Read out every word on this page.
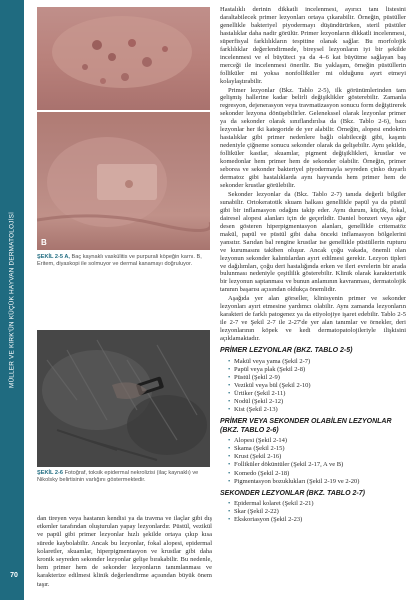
MÜLLER VE KIRK'ÜN KÜÇÜK HAYVAN DERMATOLOJİSİ
70
B
ŞEKİL 2-5 A, Baç kaynaklı vaskülitis ve purpurali köpeğin karnı. B, Eritem, diyaskopi ile solmuyor ve dermal kanamayı doğruluyor.
ŞEKİL 2-6 Fotoğraf, toksik epidermal nekrolizisi (ilaç kaynaklı) ve Nikolsky belirtisinin varlığını göstermektedir.
dan tireyen veya hastanın kendisi ya da travma ve ilaçlar gibi dış etkenler tarafından oluşturulan yapay lezyonlardır. Püstül, vezikül ve papül gibi primer lezyonlar hızlı şekilde ortaya çıkıp kısa sürede kaybolabilir. Ancak bu lezyonlar, fokal alopesi, epidermal kolaretler, skuamlar, hiperpigmentasyon ve krustlar gibi daha kronik seyreden sekonder lezyonlar gelişe bırakabilir. Bu nedenle, hem primer hem de sekonder lezyonların tanımlanması ve karakterize edilmesi klinik değerlendirme açısından büyük önem taşır.

Hastalıklı derinin dikkatli incelenmesi, ayırıcı tanı listesini daraltabilecek primer lezyonları ortaya çıkarabilir. Örneğin, püstüller genellikle bakteriyel piyodermayı düşündürürken, steril püstüler hastalıklar daha nadir görülür. Primer lezyonların dikkatli incelenmesi, süperfisyal farklılıkların tespitine olanak sağlar. Bu morfolojik farklılıklar değerlendirmede, bireysel lezyonların iyi bir şekilde incelenmesi ve el büyüteci ya da 4–6 kat büyütme sağlayan baş merceği ile incelenmesi önerilir. Bu yaklaşım, örneğin püstüllerin folliküler mi yoksa nonfolliküler mi olduğunu ayırt etmeyi kolaylaştırabilir.

Primer lezyonlar (Bkz. Tablo 2-5), ilk görünümlerinden tam gelişmiş hallerine kadar belirli değişiklikler gösterebilir. Zamanla regresyon, dejenerasyon veya travmatizasyon sonucu form değiştirerek sekonder lezyona dönüşebilirler. Gelenekssel olarak lezyonlar primer ya da sekonder olarak sınıflandırılsa da (Bkz. Tablo 2-6), bazı lezyonlar her iki kategoride de yer alabilir. Örneğin, alopesi endokrin hastalıklar gibi primer nedenlere bağlı olabileceği gibi, kaşıntı nedeniyle çiğneme sonucu sekonder olarak da gelişebilir. Aynı şekilde, folliküler kastlar, skuamlar, pigment değişiklikleri, krustlar ve komedonlar hem primer hem de sekonder olabilir. Örneğin, primer seborea ve sekonder bakteriyel piyodermayla seyreden çinko duyarlı dermatoz gibi hastalıklarda aynı hayvanda hem primer hem de sekonder krustlar görülebilir.

Sekonder lezyonlar da (Bkz. Tablo 2-7) tanıda değerli bilgiler sunabilir. Ortokeratotik skuam halkası genellikle papül ya da püstül gibi bir inflamasyon odağını takip eder. Aynı durum, küçük, fokal, dairesel alopesi alanları için de geçerlidir. Daniel bonzeri veya ağır desen gösteren hiperpigmentasyon alanları, genellikle critematöz makül, papül ve püstül gibi daha önceki inflamasyon bölgelerini yansıtır. Sarıdan bal rengine krustlar ise genellikle püstüllerin rupturu ve kurumasını takiben oluşur. Ancak çoğu vakada, önemli olan lezyonun sekonder kalıntılardan ayırt edilmesi gerekir. Lezyon tipleri ve dağılımları, çoğu deri hastalığında erken ve ileri evrelerin bir arada bulunması nedeniyle çeşitlilik gösterebilir. Klinik olarak karakteristik bir lezyonun saptanması ve bunun anlamının kavranması, dermatolojik tanının başarısı açısından oldukça önemlidir.

Aşağıda yer alan görseller, klinisyenin primer ve sekonder lezyonları ayırt etmesine yardımcı olabilir. Aynı zamanda lezyonların karakteri de farklı patogenez ya da etiyolojiye işaret edebilir. Tablo 2-5 ile 2-7 ve Şekil 2-7 ile 2-27'de yer alan tanımlar ve örnekler, deri lezyonlarının köpek ve kedi dermatopatolojileriyle ilişkisini açıklamaktadır.

PRİMER LEZYONLAR (BKZ. TABLO 2-5)
• Makül veya yama (Şekil 2-7)
• Papül veya plak (Şekil 2-8)
• Püstül (Şekil 2-9)
• Vezikül veya bül (Şekil 2-10)
• Ürtiker (Şekil 2-11)
• Nodül (Şekil 2-12)
• Kist (Şekil 2-13)
PRİMER VEYA SEKONDER OLABİLEN LEZYONLAR (BKZ. TABLO 2-6)
• Alopesi (Şekil 2-14)
• Skama (Şekil 2-15)
• Krust (Şekil 2-16)
• Folliküler döküntüler (Şekil 2-17, A ve B)
• Komedo (Şekil 2-18)
• Pigmentasyon bozuklukları (Şekil 2-19 ve 2-20)
SEKONDER LEZYONLAR (BKZ. TABLO 2-7)
• Epidermal kolaret (Şekil 2-21)
• Skar (Şekil 2-22)
• Ekskoriasyon (Şekil 2-23)
